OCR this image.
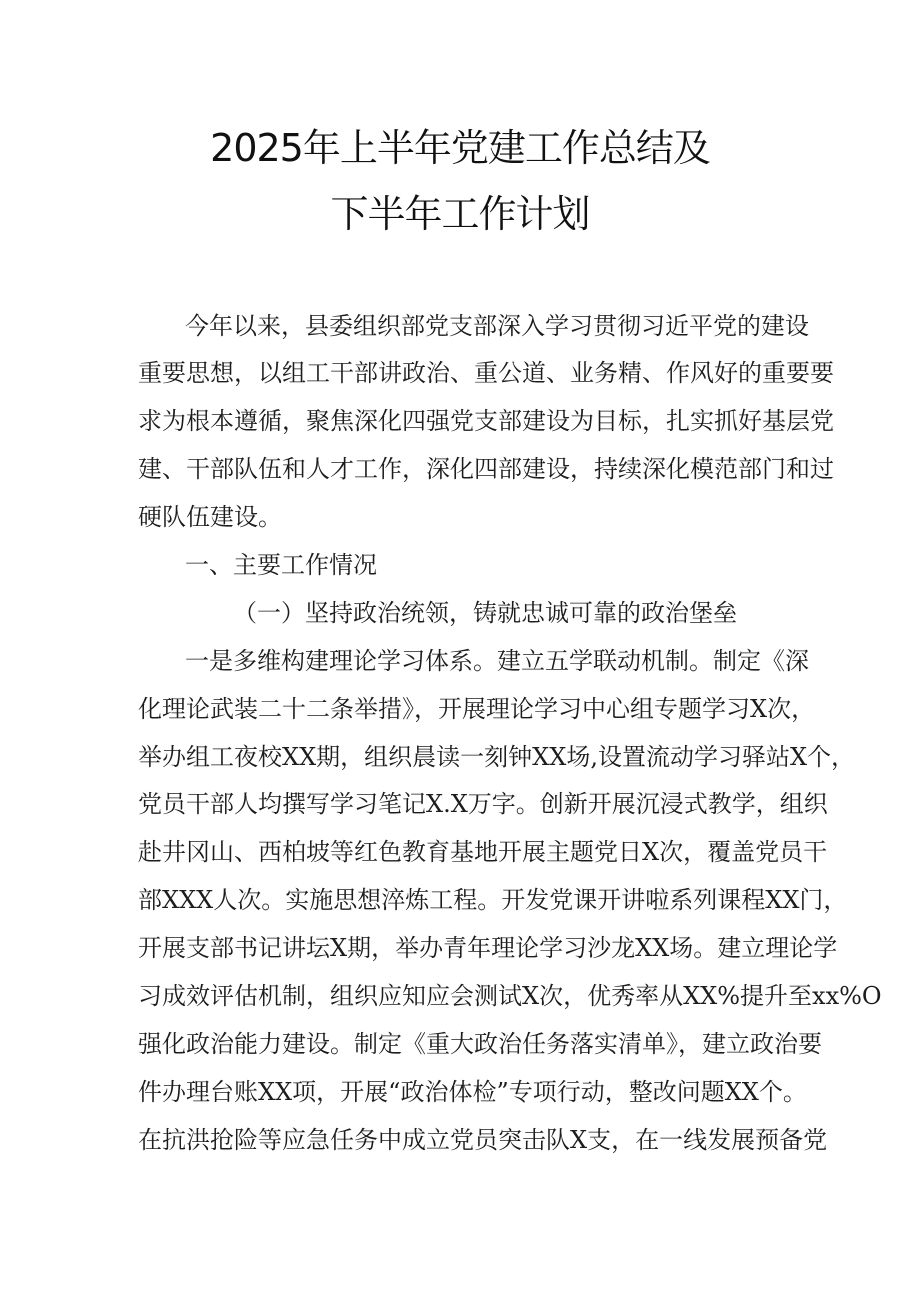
2025年上半年党建工作总结及
下半年工作计划
今年以来，县委组织部党支部深入学习贯彻习近平党的建设
重要思想，以组工干部讲政治、重公道、业务精、作风好的重要要
求为根本遵循，聚焦深化四强党支部建设为目标，扎实抓好基层党
建、干部队伍和人才工作，深化四部建设，持续深化模范部门和过
硬队伍建设。
一、主要工作情况
（一）坚持政治统领，铸就忠诚可靠的政治堡垒
一是多维构建理论学习体系。建立五学联动机制。制定《深
化理论武装二十二条举措》，开展理论学习中心组专题学习X次，
举办组工夜校XX期，组织晨读一刻钟XX场,设置流动学习驿站X个，
党员干部人均撰写学习笔记X.X万字。创新开展沉浸式教学，组织
赴井冈山、西柏坡等红色教育基地开展主题党日X次，覆盖党员干
部XXX人次。实施思想淬炼工程。开发党课开讲啦系列课程XX门，
开展支部书记讲坛X期，举办青年理论学习沙龙XX场。建立理论学
习成效评估机制，组织应知应会测试X次，优秀率从XX%提升至xx%O
强化政治能力建设。制定《重大政治任务落实清单》，建立政治要
件办理台账XX项，开展“政治体检”专项行动，整改问题XX个。
在抗洪抢险等应急任务中成立党员突击队X支，在一线发展预备党
